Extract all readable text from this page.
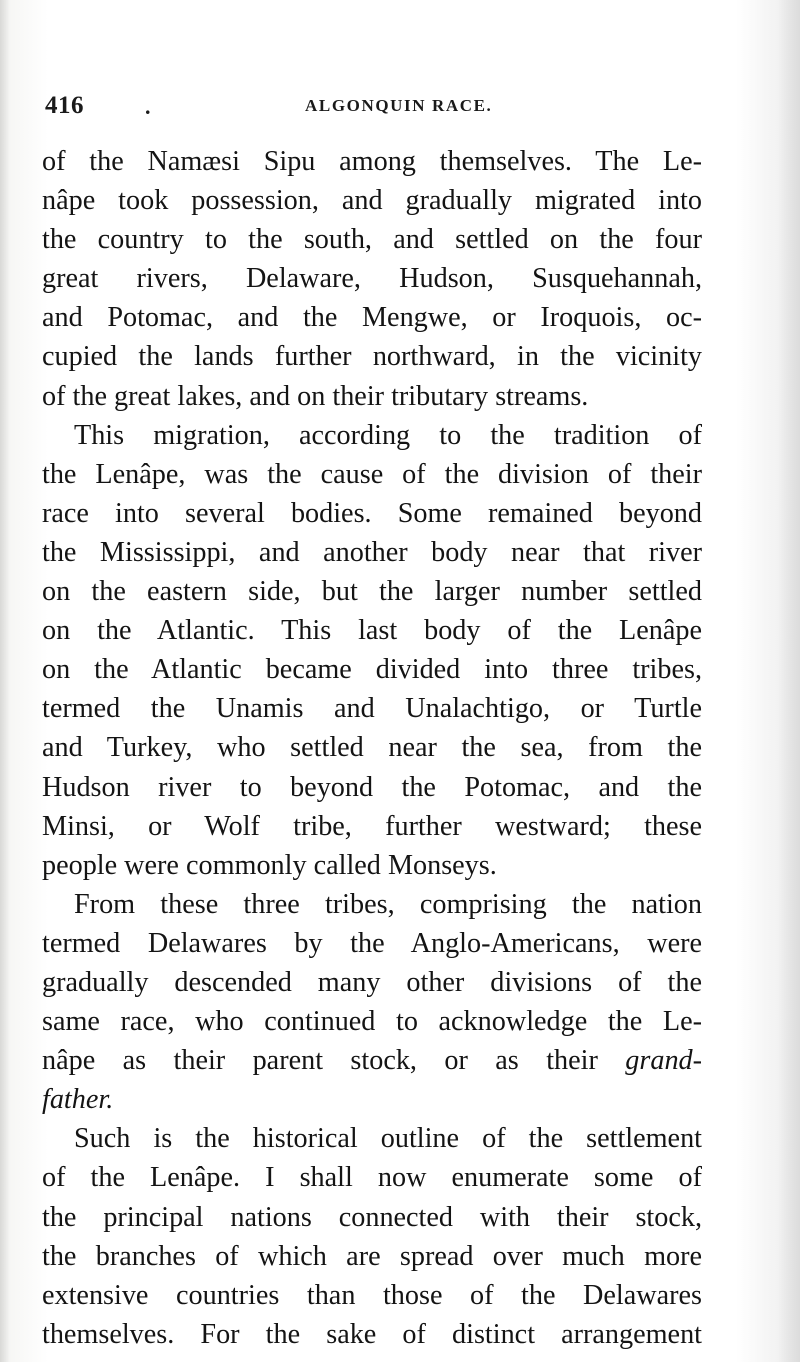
416	.	ALGONQUIN RACE.
of the Namæsi Sipu among themselves. The Le-
nâpe took possession, and gradually migrated into
the country to the south, and settled on the four
great rivers, Delaware, Hudson, Susquehannah,
and Potomac, and the Mengwe, or Iroquois, oc-
cupied the lands further northward, in the vicinity
of the great lakes, and on their tributary streams.
This migration, according to the tradition of
the Lenâpe, was the cause of the division of their
race into several bodies. Some remained beyond
the Mississippi, and another body near that river
on the eastern side, but the larger number settled
on the Atlantic. This last body of the Lenâpe
on the Atlantic became divided into three tribes,
termed the Unamis and Unalachtigo, or Turtle
and Turkey, who settled near the sea, from the
Hudson river to beyond the Potomac, and the
Minsi, or Wolf tribe, further westward; these
people were commonly called Monseys.
From these three tribes, comprising the nation
termed Delawares by the Anglo-Americans, were
gradually descended many other divisions of the
same race, who continued to acknowledge the Le-
nâpe as their parent stock, or as their grand-
father.
Such is the historical outline of the settlement
of the Lenâpe. I shall now enumerate some of
the principal nations connected with their stock,
the branches of which are spread over much more
extensive countries than those of the Delawares
themselves. For the sake of distinct arrangement
